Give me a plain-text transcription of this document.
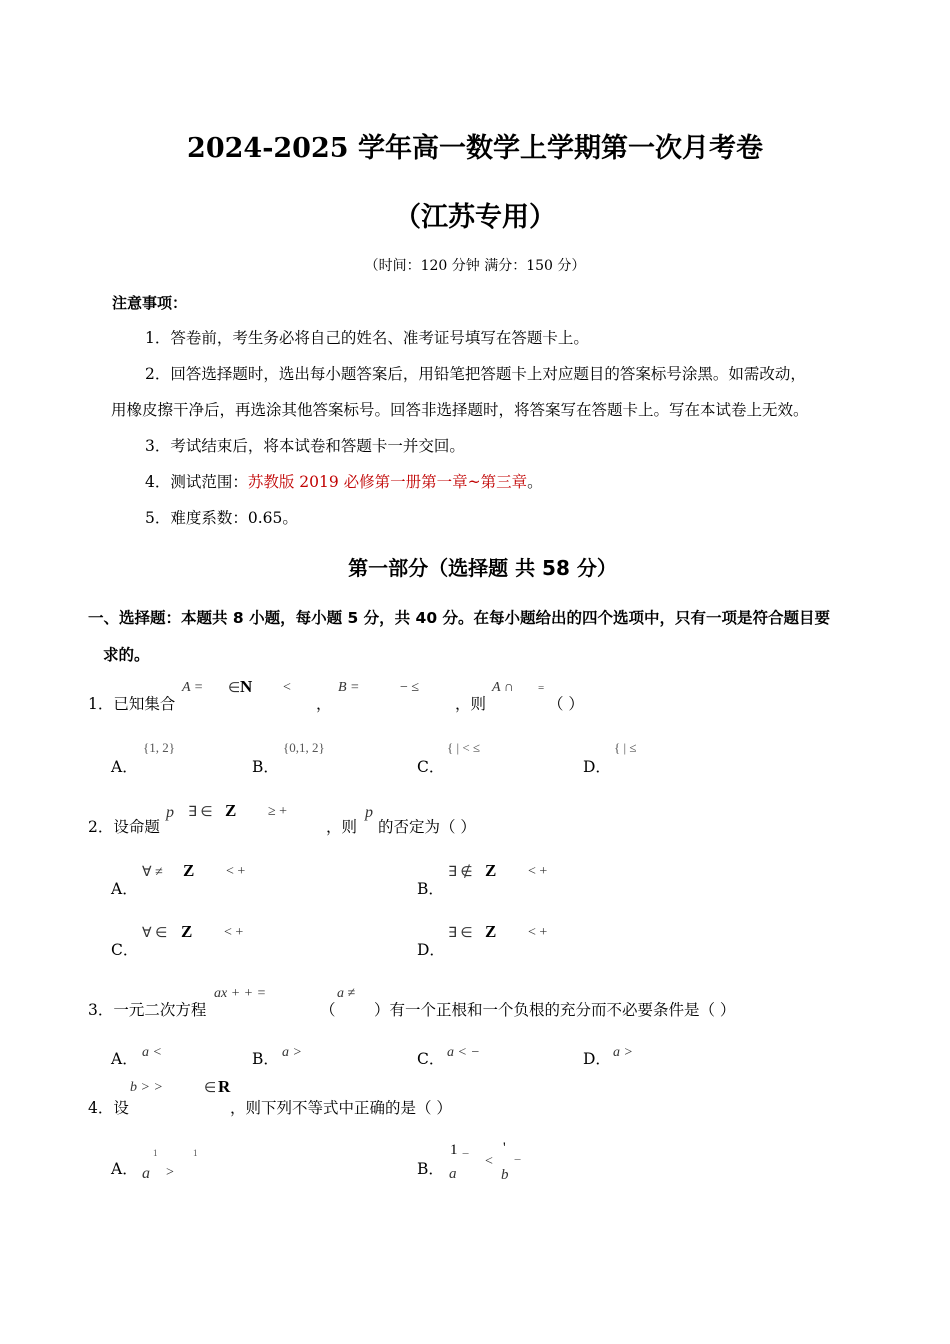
2024-2025 学年高一数学上学期第一次月考卷
（江苏专用）
（时间：120 分钟 满分：150 分）
注意事项：
1．答卷前，考生务必将自己的姓名、准考证号填写在答题卡上。
2．回答选择题时，选出每小题答案后，用铅笔把答题卡上对应题目的答案标号涂黑。如需改动，
用橡皮擦干净后，再选涂其他答案标号。回答非选择题时，将答案写在答题卡上。写在本试卷上无效。
3．考试结束后，将本试卷和答题卡一并交回。
4．测试范围：苏教版 2019 必修第一册第一章~第三章。
5．难度系数：0.65。
第一部分（选择题 共 58 分）
一、选择题：本题共 8 小题，每小题 5 分，共 40 分。在每小题给出的四个选项中，只有一项是符合题目要
求的。
1．已知集合
A = ∈ N <
，
B =	− ≤
，则
A ∩ =
（ ）
A．
{1, 2}
B．
{0,1, 2}
C．
{ | < ≤
D．
{ | ≤
2．设命题
p ∃ ∈ Z ≥ +
，则
p
的否定为（ ）
A．
∀ ≠ Z < +
B．
∃ ∉ Z < +
C．
∀ ∈ Z < +
D．
∃ ∈ Z < +
3．一元二次方程
ax + + =
（
a ≠
）有一个正根和一个负根的充分而不必要条件是（ ）
A． a <	B． a >	C． a < −	D． a >
4．设
b > >	∈ R
，则下列不等式中正确的是（ ）
A．
1
a >
1
B．
1 −
a
<
'
−
b
